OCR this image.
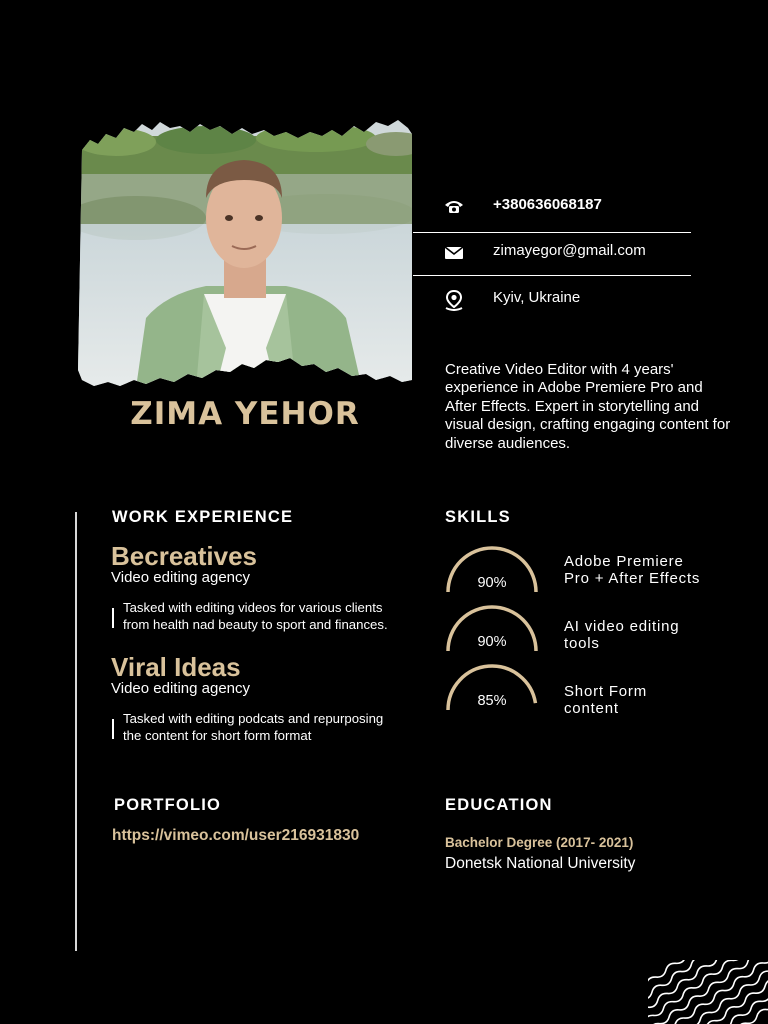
ZIMA YEHOR
+380636068187
zimayegor@gmail.com
Kyiv, Ukraine
Creative Video Editor with 4 years' experience in Adobe Premiere Pro and After Effects. Expert in storytelling and visual design, crafting engaging content for diverse audiences.
WORK EXPERIENCE
Becreatives
Video editing agency
Tasked with editing videos for various clients
from health nad beauty to sport and finances.
Viral Ideas
Video editing agency
Tasked with editing podcats and repurposing
the content for short form format
SKILLS
90%
Adobe Premiere
Pro + After Effects
90%
AI video editing
tools
85%
Short Form
content
PORTFOLIO
https://vimeo.com/user216931830
EDUCATION
Bachelor Degree (2017- 2021)
Donetsk National University
